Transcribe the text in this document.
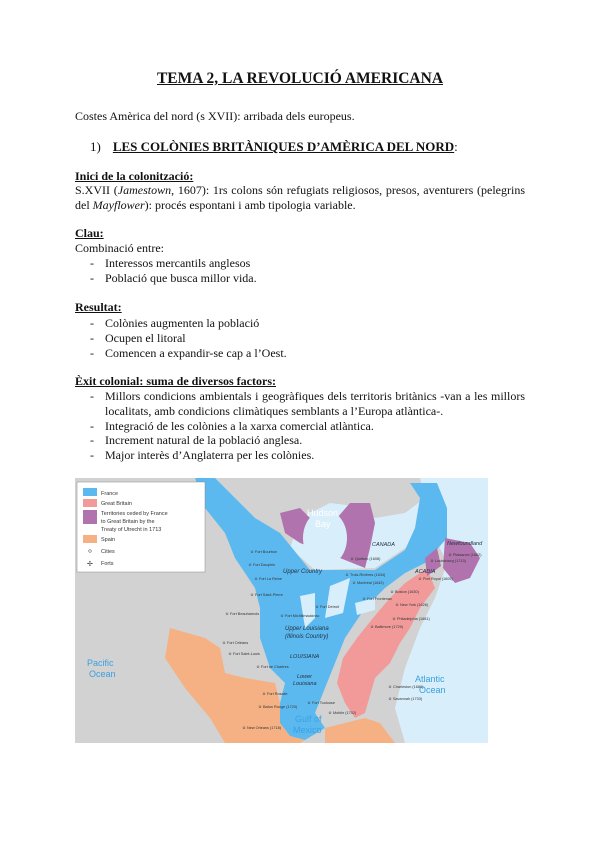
TEMA 2, LA REVOLUCIÓ AMERICANA
Costes Amèrica del nord (s XVII): arribada dels europeus.
1) LES COLÒNIES BRITÀNIQUES D’AMÈRICA DEL NORD:
Inici de la colonització:
S.XVII (Jamestown, 1607): 1rs colons són refugiats religiosos, presos, aventurers (pelegrins del Mayflower): procés espontani i amb tipologia variable.
Clau:
Combinació entre:
- Interessos mercantils anglesos
- Població que busca millor vida.
Resultat:
- Colònies augmenten la població
- Ocupen el litoral
- Comencen a expandir-se cap a l’Oest.
Èxit colonial: suma de diversos factors:
- Millors condicions ambientals i geogràfiques dels territoris britànics -van a les millors localitats, amb condicions climàtiques semblants a l’Europa atlàntica-.
- Integració de les colònies a la xarxa comercial atlàntica.
- Increment natural de la població anglesa.
- Major interès d’Anglaterra per les colònies.
France
Great Britain
Territories ceded by France
to Great Britain by the
Treaty of Utrecht in 1713
Spain
Cities
✢ Forts
Hudson
Bay
Pacific
Ocean	Atlantic
Ocean
Gulf of
Mexico
CANADA	Newfoundland
ACADIA
Upper Country
Upper Louisiana
(Illinois Country)
LOUISIANA
Lower
Louisiana
Fort Bourbon
Fort Dauphin
Fort La Reine
Fort Saint-Pierre
Fort Beauharnois	Fort Michilimackinac
Fort Detroit
Fort Orléans
Fort Saint-Louis
Fort de Chartres
Fort Rosalie
Baton Rouge (1720)
Fort Toulouse
Québec (1608)
Trois-Rivières (1634)
Montréal (1642)
Fort Frontenac
Boston (1630)
New York (1626)
Philadelphia (1681)
Baltimore (1729)
Charleston (1680)
Savannah (1733)
Louisbourg (1713)
Port Royal (1605)
Plaisance (1662)
New Orleans (1718)
Mobile (1702)
